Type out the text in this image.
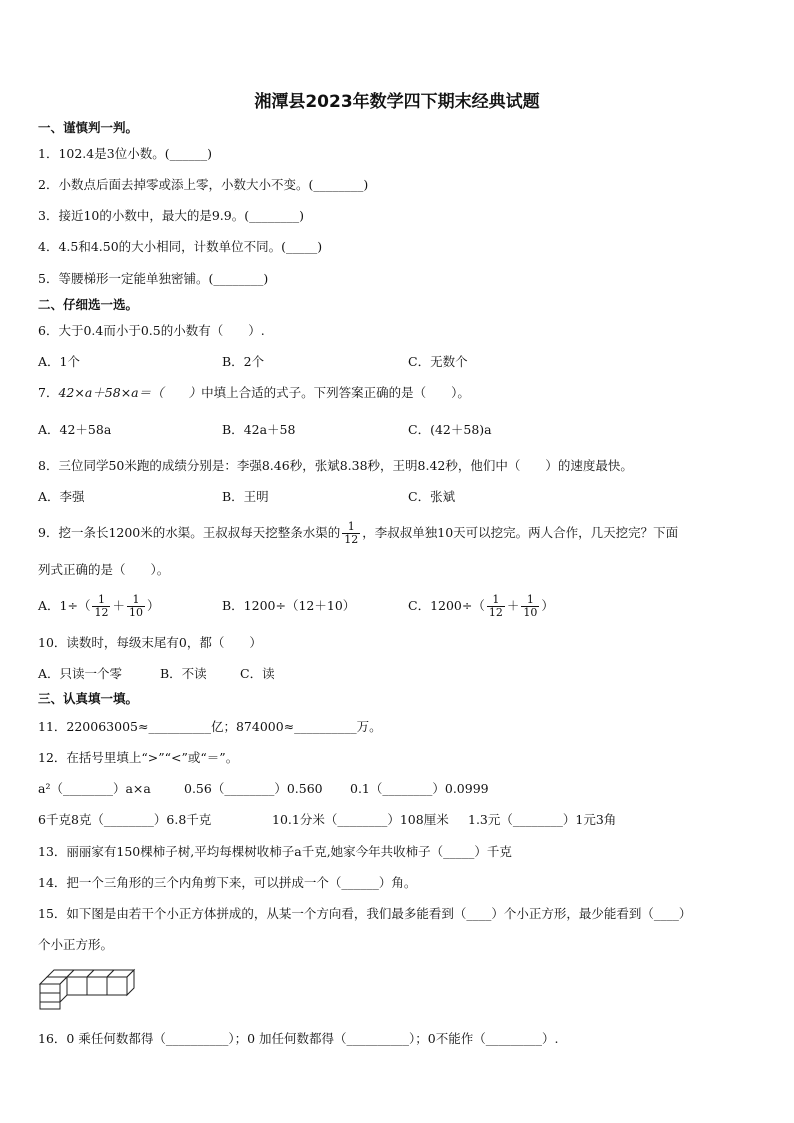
湘潭县2023年数学四下期末经典试题
一、谨慎判一判。
1．102.4是3位小数。(______)
2．小数点后面去掉零或添上零，小数大小不变。(________)
3．接近10的小数中，最大的是9.9。(________)
4．4.5和4.50的大小相同，计数单位不同。(_____)
5．等腰梯形一定能单独密铺。(________)
二、仔细选一选。
6．大于0.4而小于0.5的小数有（　　）.
A．1个	B．2个	C．无数个
7．42×a＋58×a＝（　　）中填上合适的式子。下列答案正确的是（　　）。
A．42＋58a	B．42a＋58	C．(42＋58)a
8．三位同学50米跑的成绩分别是：李强8.46秒，张斌8.38秒，王明8.42秒，他们中（　　）的速度最快。
A．李强	B．王明	C．张斌
9．挖一条长1200米的水渠。王叔叔每天挖整条水渠的 $\frac{1}{12}$ ，李叔叔单独10天可以挖完。两人合作，几天挖完？下面
列式正确的是（　　）。
A．$1\div( \frac{1}{12} + \frac{1}{10}$ ）	B．1200÷（12＋10）	C．$1200\div( \frac{1}{12} + \frac{1}{10}$ ）
10．读数时，每级末尾有0，都（　　）
A．只读一个零	B．不读	C．读
三、认真填一填。
11．220063005≈__________亿；874000≈__________万。
12．在括号里填上“>”“<”或“＝”。
a²（________）a×a	0.56（________）0.560 0.1（________）0.0999
6千克8克（________）6.8千克	10.1分米（________）108厘米 1.3元（________）1元3角
13．丽丽家有150棵柿子树,平均每棵树收柿子a千克,她家今年共收柿子（_____）千克
14．把一个三角形的三个内角剪下来，可以拼成一个（______）角。
15．如下图是由若干个小正方体拼成的，从某一个方向看，我们最多能看到（____）个小正方形，最少能看到（____）
个小正方形。
16．0 乘任何数都得（__________）；0 加任何数都得（__________）；0不能作（_________）.
